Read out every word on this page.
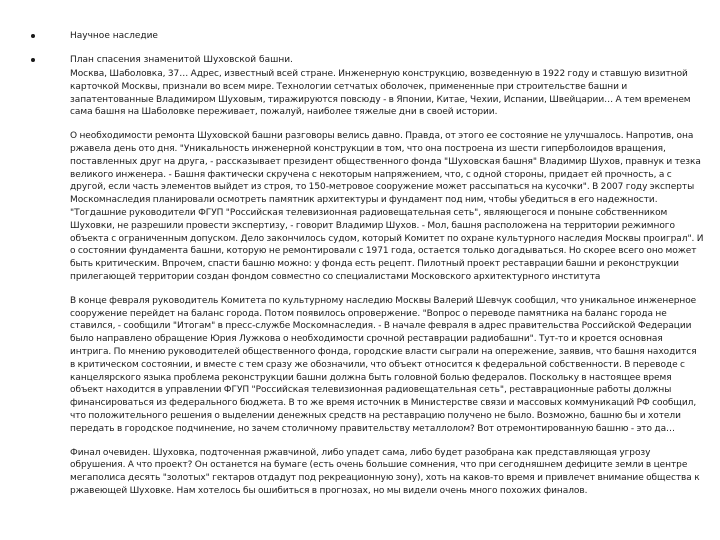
Научное наследие
План спасения знаменитой Шуховской башни.

Москва, Шаболовка, 37… Адрес, известный всей стране. Инженерную конструкцию, возведенную в 1922 году и ставшую визитной карточкой Москвы, признали во всем мире. Технологии сетчатых оболочек, примененные при строительстве башни и запатентованные Владимиром Шуховым, тиражируются повсюду - в Японии, Китае, Чехии, Испании, Швейцарии… А тем временем сама башня на Шаболовке переживает, пожалуй, наиболее тяжелые дни в своей истории.

О необходимости ремонта Шуховской башни разговоры велись давно. Правда, от этого ее состояние не улучшалось. Напротив, она ржавела день ото дня. "Уникальность инженерной конструкции в том, что она построена из шести гиперболоидов вращения, поставленных друг на друга, - рассказывает президент общественного фонда "Шуховская башня" Владимир Шухов, правнук и тезка великого инженера. - Башня фактически скручена с некоторым напряжением, что, с одной стороны, придает ей прочность, а с другой, если часть элементов выйдет из строя, то 150-метровое сооружение может рассыпаться на кусочки". В 2007 году эксперты Москомнаследия планировали осмотреть памятник архитектуры и фундамент под ним, чтобы убедиться в его надежности. "Тогдашние руководители ФГУП "Российская телевизионная радиовещательная сеть", являющегося и поныне собственником Шуховки, не разрешили провести экспертизу, - говорит Владимир Шухов. - Мол, башня расположена на территории режимного объекта с ограниченным допуском. Дело закончилось судом, который Комитет по охране культурного наследия Москвы проиграл". И о состоянии фундамента башни, которую не ремонтировали с 1971 года, остается только догадываться. Но скорее всего оно может быть критическим. Впрочем, спасти башню можно: у фонда есть рецепт. Пилотный проект реставрации башни и реконструкции прилегающей территории создан фондом совместно со специалистами Московского архитектурного института

В конце февраля руководитель Комитета по культурному наследию Москвы Валерий Шевчук сообщил, что уникальное инженерное сооружение перейдет на баланс города. Потом появилось опровержение. "Вопрос о переводе памятника на баланс города не ставился, - сообщили "Итогам" в пресс-службе Москомнаследия. - В начале февраля в адрес правительства Российской Федерации было направлено обращение Юрия Лужкова о необходимости срочной реставрации радиобашни". Тут-то и кроется основная интрига. По мнению руководителей общественного фонда, городские власти сыграли на опережение, заявив, что башня находится в критическом состоянии, и вместе с тем сразу же обозначили, что объект относится к федеральной собственности. В переводе с канцелярского языка проблема реконструкции башни должна быть головной болью федералов. Поскольку в настоящее время объект находится в управлении ФГУП "Российская телевизионная радиовещательная сеть", реставрационные работы должны финансироваться из федерального бюджета. В то же время источник в Министерстве связи и массовых коммуникаций РФ сообщил, что положительного решения о выделении денежных средств на реставрацию получено не было. Возможно, башню бы и хотели передать в городское подчинение, но зачем столичному правительству металлолом? Вот отремонтированную башню - это да…

Финал очевиден. Шуховка, подточенная ржавчиной, либо упадет сама, либо будет разобрана как представляющая угрозу обрушения. А что проект? Он останется на бумаге (есть очень большие сомнения, что при сегодняшнем дефиците земли в центре мегаполиса десять "золотых" гектаров отдадут под рекреационную зону), хоть на каков-то время и привлечет внимание общества к ржавеющей Шуховке. Нам хотелось бы ошибиться в прогнозах, но мы видели очень много похожих финалов.
